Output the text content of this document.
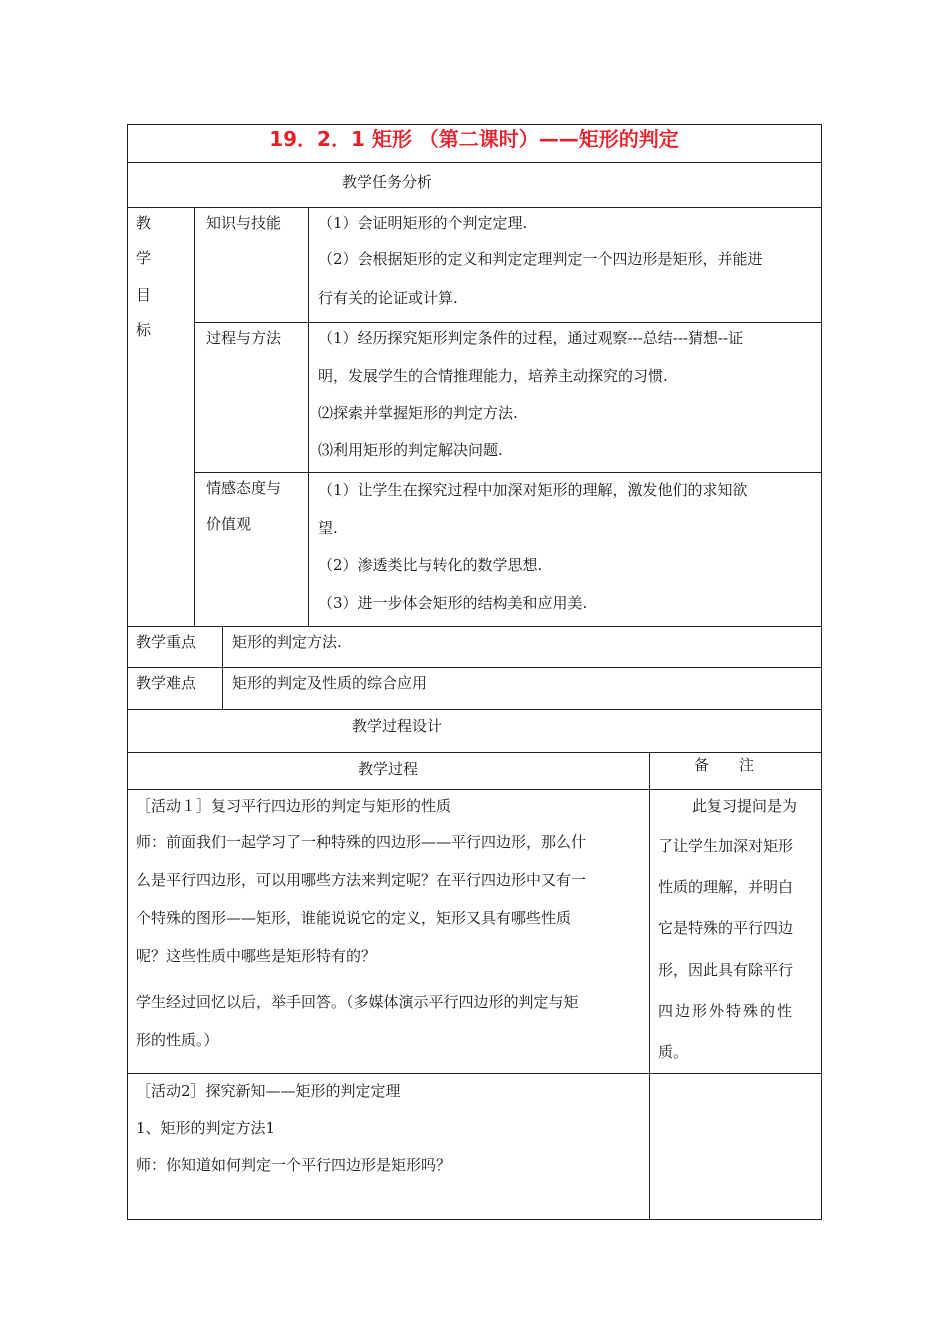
19．2．1 矩形 （第二课时）——矩形的判定
教学任务分析
教
学
目
标
知识与技能 （1）会证明矩形的个判定定理.
（2）会根据矩形的定义和判定定理判定一个四边形是矩形，并能进
行有关的论证或计算.
过程与方法 （1）经历探究矩形判定条件的过程，通过观察---总结---猜想--证
明，发展学生的合情推理能力，培养主动探究的习惯.
⑵探索并掌握矩形的判定方法.
⑶利用矩形的判定解决问题.
情感态度与
价值观
（1）让学生在探究过程中加深对矩形的理解，激发他们的求知欲
望.
（2）渗透类比与转化的数学思想.
（3）进一步体会矩形的结构美和应用美.
教学重点 矩形的判定方法.
教学难点 矩形的判定及性质的综合应用
教学过程设计
教学过程	备　　注
［活动１］复习平行四边形的判定与矩形的性质
师：前面我们一起学习了一种特殊的四边形——平行四边形，那么什
么是平行四边形，可以用哪些方法来判定呢？在平行四边形中又有一
个特殊的图形——矩形，谁能说说它的定义，矩形又具有哪些性质
呢？这些性质中哪些是矩形特有的？
学生经过回忆以后，举手回答。（多媒体演示平行四边形的判定与矩
形的性质。）
此复习提问是为
了让学生加深对矩形
性质的理解，并明白
它是特殊的平行四边
形，因此具有除平行
四边形外特殊的性
质。
［活动2］探究新知——矩形的判定定理
1、矩形的判定方法1
师：你知道如何判定一个平行四边形是矩形吗？
